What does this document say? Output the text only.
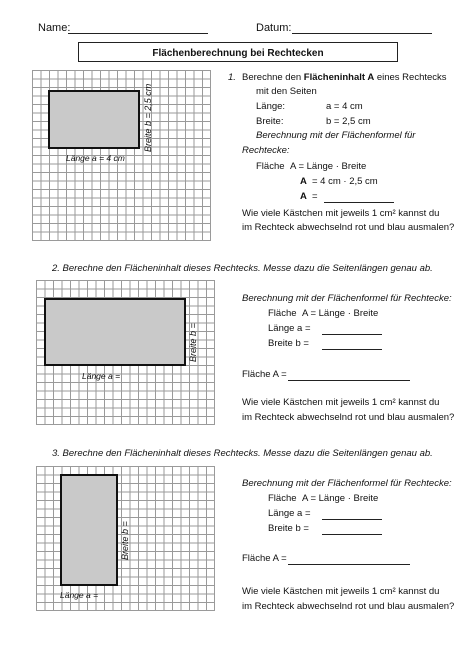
Name:	Datum:
Flächenberechnung bei Rechtecken
Länge a = 4 cm
Breite b = 2,5 cm
1. Berechne den Flächeninhalt A eines Rechtecks
mit den Seiten
Länge:	a = 4 cm
Breite:	b = 2,5 cm
Berechnung mit der Flächenformel für
Rechtecke:
Fläche A = Länge · Breite
A = 4 cm · 2,5 cm
A =
Wie viele Kästchen mit jeweils 1 cm² kannst du
im Rechteck abwechselnd rot und blau ausmalen?
2. Berechne den Flächeninhalt dieses Rechtecks. Messe dazu die Seitenlängen genau ab.
Länge a =
Breite b =
Berechnung mit der Flächenformel für Rechtecke:
Fläche A = Länge · Breite
Länge a =
Breite b =
Fläche A =
Wie viele Kästchen mit jeweils 1 cm² kannst du
im Rechteck abwechselnd rot und blau ausmalen?
3. Berechne den Flächeninhalt dieses Rechtecks. Messe dazu die Seitenlängen genau ab.
Länge a =
Breite b =
Berechnung mit der Flächenformel für Rechtecke:
Fläche A = Länge · Breite
Länge a =
Breite b =
Fläche A =
Wie viele Kästchen mit jeweils 1 cm² kannst du
im Rechteck abwechselnd rot und blau ausmalen?
